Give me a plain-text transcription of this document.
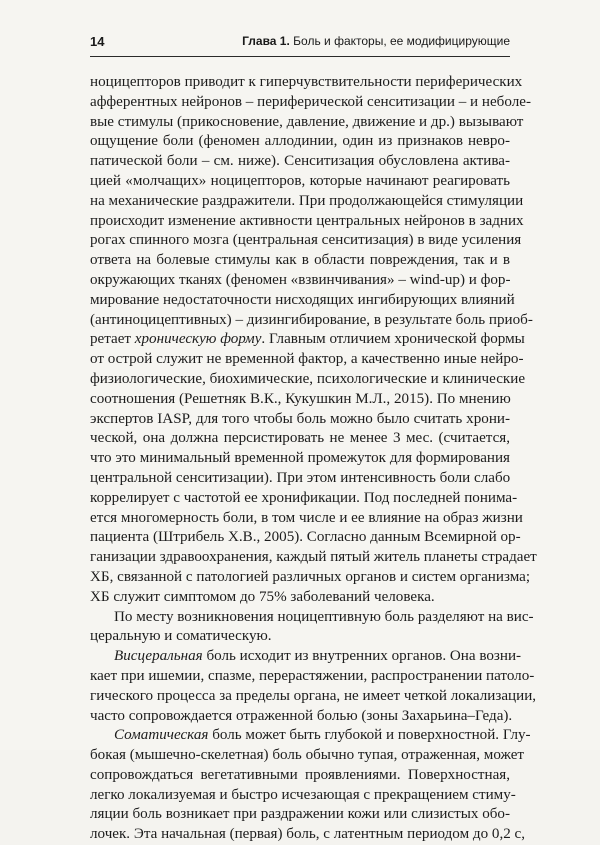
14	Глава 1. Боль и факторы, ее модифицирующие
ноцицепторов приводит к гиперчувствительности периферических
афферентных нейронов – периферической сенситизации – и неболе-
вые стимулы (прикосновение, давление, движение и др.) вызывают
ощущение боли (феномен аллодинии, один из признаков невро-
патической боли – см. ниже). Сенситизация обусловлена актива-
цией «молчащих» ноцицепторов, которые начинают реагировать
на механические раздражители. При продолжающейся стимуляции
происходит изменение активности центральных нейронов в задних
рогах спинного мозга (центральная сенситизация) в виде усиления
ответа на болевые стимулы как в области повреждения, так и в
окружающих тканях (феномен «взвинчивания» – wind-up) и фор-
мирование недостаточности нисходящих ингибирующих влияний
(антиноцицептивных) – дизингибирование, в результате боль приоб-
ретает хроническую форму. Главным отличием хронической формы
от острой служит не временной фактор, а качественно иные нейро-
физиологические, биохимические, психологические и клинические
соотношения (Решетняк В.К., Кукушкин М.Л., 2015). По мнению
экспертов IASP, для того чтобы боль можно было считать хрони-
ческой, она должна персистировать не менее 3 мес. (считается,
что это минимальный временной промежуток для формирования
центральной сенситизации). При этом интенсивность боли слабо
коррелирует с частотой ее хронификации. Под последней понима-
ется многомерность боли, в том числе и ее влияние на образ жизни
пациента (Штрибель Х.В., 2005). Согласно данным Всемирной ор-
ганизации здравоохранения, каждый пятый житель планеты страдает
ХБ, связанной с патологией различных органов и систем организма;
ХБ служит симптомом до 75% заболеваний человека.
По месту возникновения ноцицептивную боль разделяют на вис-
церальную и соматическую.
Висцеральная боль исходит из внутренних органов. Она возни-
кает при ишемии, спазме, перерастяжении, распространении патоло-
гического процесса за пределы органа, не имеет четкой локализации,
часто сопровождается отраженной болью (зоны Захарьина–Геда).
Соматическая боль может быть глубокой и поверхностной. Глу-
бокая (мышечно-скелетная) боль обычно тупая, отраженная, может
сопровождаться вегетативными проявлениями. Поверхностная,
легко локализуемая и быстро исчезающая с прекращением стиму-
ляции боль возникает при раздражении кожи или слизистых обо-
лочек. Эта начальная (первая) боль, с латентным периодом до 0,2 с,
